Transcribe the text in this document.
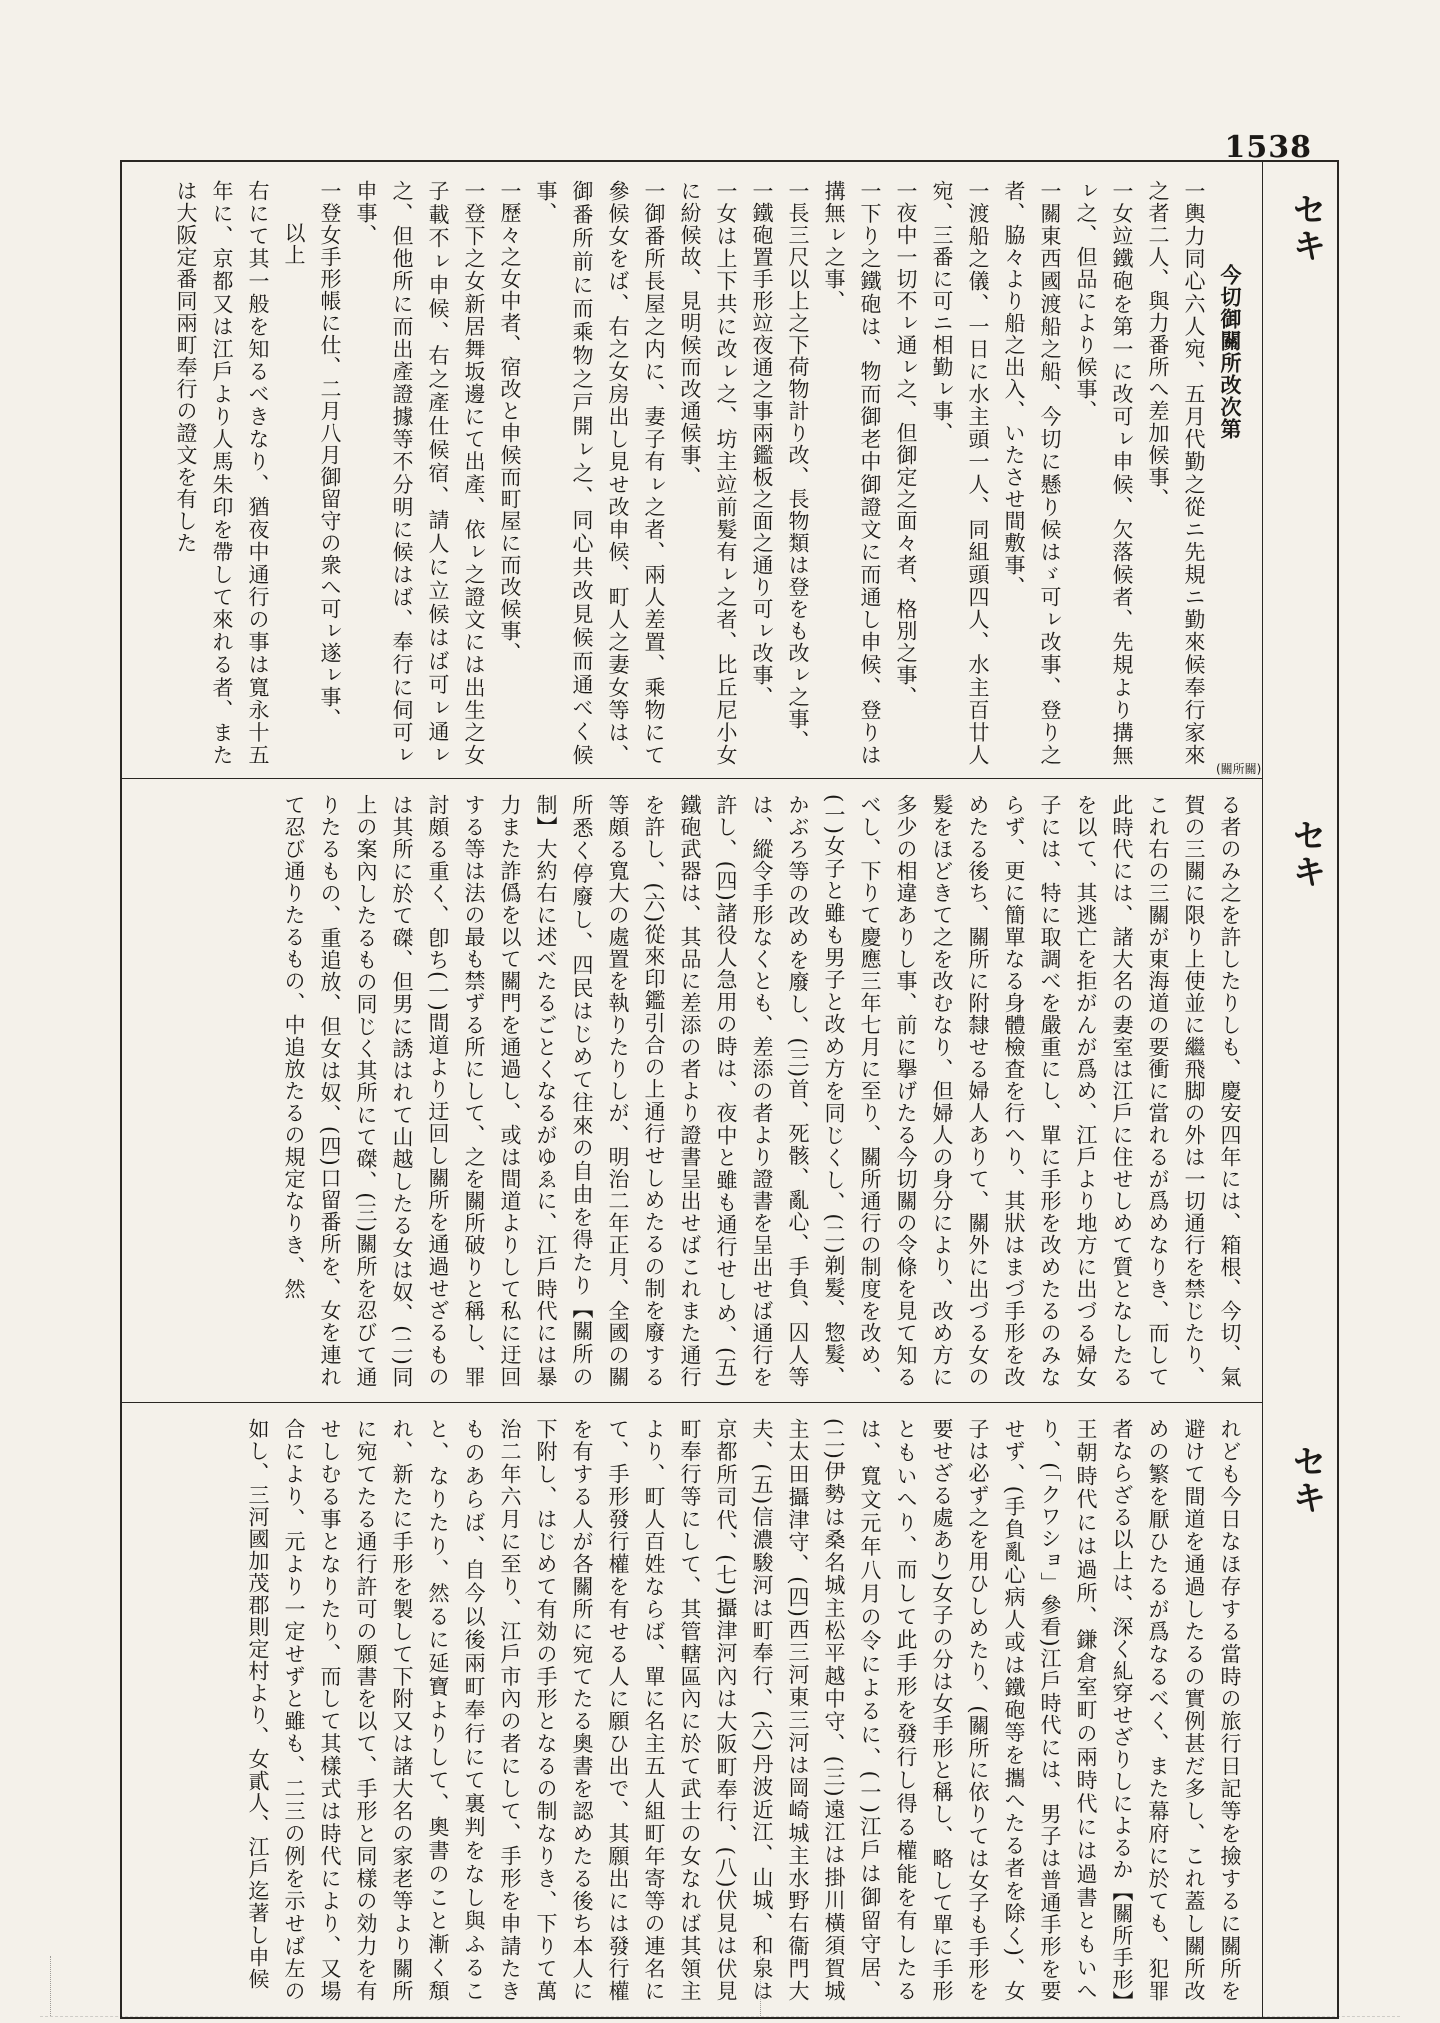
1538
セキ
今切御關所改次第
一輿力同心六人宛、五月代勤之從ニ先規ニ勤來候奉行家來之者二人、與力番所へ差加候事、
一女竝鐵砲を第一に改可ㇾ申候、欠落候者、先規より搆無ㇾ之、但品により候事、
一關東西國渡船之船、今切に懸り候はゞ可ㇾ改事、登り之者、脇々より船之出入、いたさせ間敷事、
一渡船之儀、一日に水主頭一人、同組頭四人、水主百廿人宛、三番に可ニ相勤ㇾ事、
一夜中一切不ㇾ通ㇾ之、但御定之面々者、格別之事、
一下り之鐵砲は、物而御老中御證文に而通し申候、登りは搆無ㇾ之事、
一長三尺以上之下荷物計り改、長物類は登をも改ㇾ之事、
一鐵砲置手形竝夜通之事兩鑑板之面之通り可ㇾ改事、
一女は上下共に改ㇾ之、坊主竝前髮有ㇾ之者、比丘尼小女に紛候故、見明候而改通候事、
一御番所長屋之内に、妻子有ㇾ之者、兩人差置、乘物にて參候女をば、右之女房出し見せ改申候、町人之妻女等は、御番所前に而乘物之戸開ㇾ之、同心共改見候而通べく候事、
一歷々之女中者、宿改と申候而町屋に而改候事、
一登下之女新居舞坂邊にて出產、依ㇾ之證文には出生之女子載不ㇾ申候、右之產仕候宿、請人に立候はば可ㇾ通ㇾ之、但他所に而出產證據等不分明に候はば、奉行に伺可ㇾ申事、
一登女手形帳に仕、二月八月御留守の衆へ可ㇾ遂ㇾ事、
以上
右にて其一般を知るべきなり、猶夜中通行の事は寬永十五年に、京都又は江戶より人馬朱印を帶して來れる者、または大阪定番同兩町奉行の證文を有した
セキ
(關所關)
る者のみ之を許したりしも、慶安四年には、箱根、今切、氣賀の三關に限り上使並に繼飛脚の外は一切通行を禁じたり、これ右の三關が東海道の要衝に當れるが爲めなりき、而して此時代には、諸大名の妻室は江戶に住せしめて質となしたるを以て、其逃亡を拒がんが爲め、江戶より地方に出づる婦女子には、特に取調べを嚴重にし、單に手形を改めたるのみならず、更に簡單なる身體檢査を行へり、其狀はまづ手形を改めたる後ち、關所に附隸せる婦人ありて、關外に出づる女の髮をほどきて之を改むなり、但婦人の身分により、改め方に多少の相違ありし事、前に擧げたる今切關の令條を見て知るべし、下りて慶應三年七月に至り、關所通行の制度を改め、(一)女子と雖も男子と改め方を同じくし、(二)剃髮、惣髮、かぶろ等の改めを廢し、(三)首、死骸、亂心、手負、囚人等は、縱令手形なくとも、差添の者より證書を呈出せば通行を許し、(四)諸役人急用の時は、夜中と雖も通行せしめ、(五)鐵砲武器は、其品に差添の者より證書呈出せばこれまた通行を許し、(六)從來印鑑引合の上通行せしめたるの制を廢する等頗る寬大の處置を執りたりしが、明治二年正月、全國の關所悉く停廢し、四民はじめて往來の自由を得たり【關所の制】大約右に述べたるごとくなるがゆゑに、江戶時代には暴力また詐僞を以て關門を通過し、或は間道よりして私に迂回する等は法の最も禁ずる所にして、之を關所破りと稱し、罪討頗る重く、卽ち(一)間道より迂回し關所を通過せざるものは其所に於て磔、但男に誘はれて山越したる女は奴、(二)同上の案內したるもの同じく其所にて磔、(三)關所を忍びて通りたるもの、重追放、但女は奴、(四)口留番所を、女を連れて忍び通りたるもの、中追放たるの規定なりき、然
セキ
れども今日なほ存する當時の旅行日記等を撿するに關所を避けて間道を通過したるの實例甚だ多し、これ蓋し關所改めの繁を厭ひたるが爲なるべく、また幕府に於ても、犯罪者ならざる以上は、深く糺穿せざりしによるか【關所手形】王朝時代には過所、鎌倉室町の兩時代には過書ともいへり、(「クワショ」參看)江戶時代には、男子は普通手形を要せず、(手負亂心病人或は鐵砲等を攜へたる者を除く)、女子は必ず之を用ひしめたり、(關所に依りては女子も手形を要せざる處あり)女子の分は女手形と稱し、略して單に手形ともいへり、而して此手形を發行し得る權能を有したるは、寬文元年八月の令によるに、(一)江戶は御留守居、(二)伊勢は桑名城主松平越中守、(三)遠江は掛川橫須賀城主太田攝津守、(四)西三河東三河は岡崎城主水野右衞門大夫、(五)信濃駿河は町奉行、(六)丹波近江、山城、和泉は京都所司代、(七)攝津河內は大阪町奉行、(八)伏見は伏見町奉行等にして、其管轄區內に於て武士の女なれば其領主より、町人百姓ならば、單に名主五人組町年寄等の連名にて、手形發行權を有せる人に願ひ出で、其願出には發行權を有する人が各關所に宛てたる奧書を認めたる後ち本人に下附し、はじめて有効の手形となるの制なりき、下りて萬治二年六月に至り、江戶市內の者にして、手形を申請たきものあらば、自今以後兩町奉行にて裏判をなし與ふること、なりたり、然るに延寶よりして、奧書のこと漸く頽れ、新たに手形を製して下附又は諸大名の家老等より關所に宛てたる通行許可の願書を以て、手形と同樣の効力を有せしむる事となりたり、而して其樣式は時代により、又場合により、元より一定せずと雖も、二三の例を示せば左の如し、三河國加茂郡則定村より、女貳人、江戶迄著し申候
